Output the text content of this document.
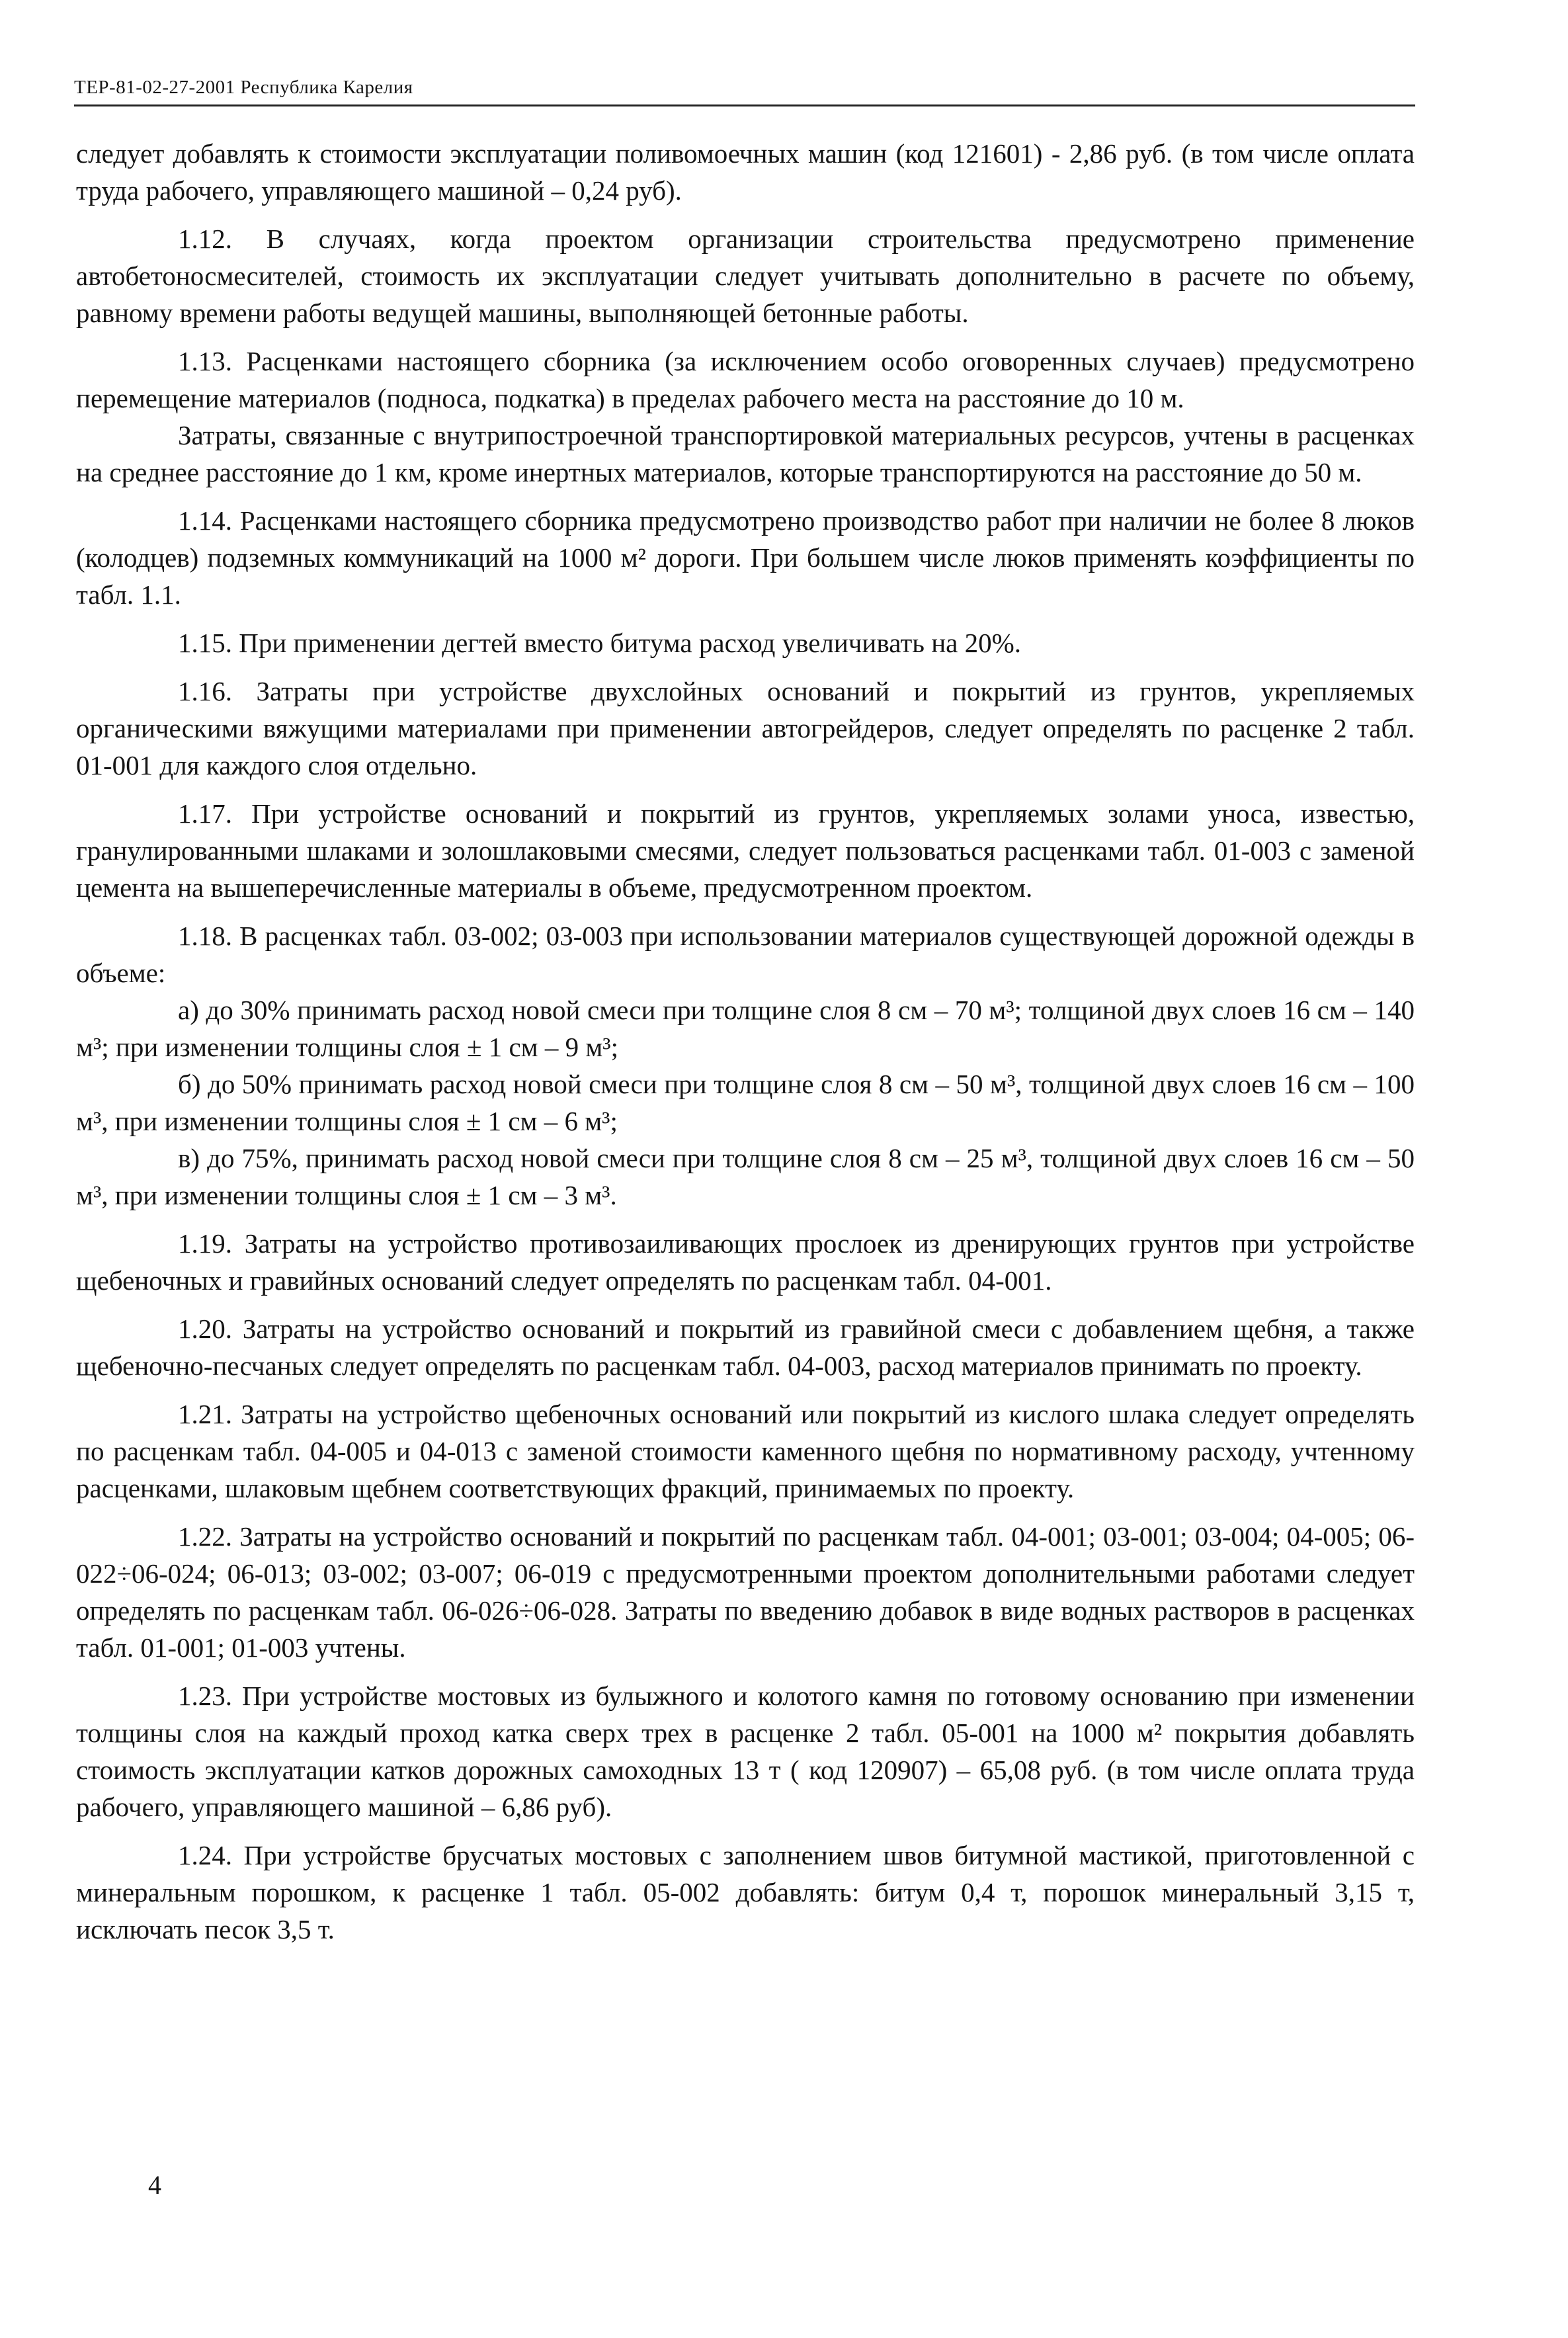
ТЕР-81-02-27-2001 Республика Карелия

следует добавлять к стоимости эксплуатации поливомоечных машин (код 121601) - 2,86 руб. (в том числе оплата труда рабочего, управляющего машиной – 0,24 руб).

1.12. В случаях, когда проектом организации строительства предусмотрено применение автобетоносмесителей, стоимость их эксплуатации следует учитывать дополнительно в расчете по объему, равному времени работы ведущей машины, выполняющей бетонные работы.

1.13. Расценками настоящего сборника (за исключением особо оговоренных случаев) предусмотрено перемещение материалов (подноса, подкатка) в пределах рабочего места на расстояние до 10 м.

Затраты, связанные с внутрипостроечной транспортировкой материальных ресурсов, учтены в расценках на среднее расстояние до 1 км, кроме инертных материалов, которые транспортируются на расстояние до 50 м.

1.14. Расценками настоящего сборника предусмотрено производство работ при наличии не более 8 люков (колодцев) подземных коммуникаций на 1000 м² дороги. При большем числе люков применять коэффициенты по табл. 1.1.

1.15. При применении дегтей вместо битума расход увеличивать на 20%.

1.16. Затраты при устройстве двухслойных оснований и покрытий из грунтов, укрепляемых органическими вяжущими материалами при применении автогрейдеров, следует определять по расценке 2 табл. 01-001 для каждого слоя отдельно.

1.17. При устройстве оснований и покрытий из грунтов, укрепляемых золами уноса, известью, гранулированными шлаками и золошлаковыми смесями, следует пользоваться расценками табл. 01-003 с заменой цемента на вышеперечисленные материалы в объеме, предусмотренном проектом.

1.18. В расценках табл. 03-002; 03-003 при использовании материалов существующей дорожной одежды в объеме:

а) до 30% принимать расход новой смеси при толщине слоя 8 см – 70 м³; толщиной двух слоев 16 см – 140 м³; при изменении толщины слоя ± 1 см – 9 м³;

б) до 50% принимать расход новой смеси при толщине слоя 8 см – 50 м³, толщиной двух слоев 16 см – 100 м³, при изменении толщины слоя ± 1 см – 6 м³;

в) до 75%, принимать расход новой смеси при толщине слоя 8 см – 25 м³, толщиной двух слоев 16 см – 50 м³, при изменении толщины слоя ± 1 см – 3 м³.

1.19. Затраты на устройство противозаиливающих прослоек из дренирующих грунтов при устройстве щебеночных и гравийных оснований следует определять по расценкам табл. 04-001.

1.20. Затраты на устройство оснований и покрытий из гравийной смеси с добавлением щебня, а также щебеночно-песчаных следует определять по расценкам табл. 04-003, расход материалов принимать по проекту.

1.21. Затраты на устройство щебеночных оснований или покрытий из кислого шлака следует определять по расценкам табл. 04-005 и 04-013 с заменой стоимости каменного щебня по нормативному расходу, учтенному расценками, шлаковым щебнем соответствующих фракций, принимаемых по проекту.

1.22. Затраты на устройство оснований и покрытий по расценкам табл. 04-001; 03-001; 03-004; 04-005; 06-022÷06-024; 06-013; 03-002; 03-007; 06-019 с предусмотренными проектом дополнительными работами следует определять по расценкам табл. 06-026÷06-028. Затраты по введению добавок в виде водных растворов в расценках табл. 01-001; 01-003 учтены.

1.23. При устройстве мостовых из булыжного и колотого камня по готовому основанию при изменении толщины слоя на каждый проход катка сверх трех в расценке 2 табл. 05-001 на 1000 м² покрытия добавлять стоимость эксплуатации катков дорожных самоходных 13 т ( код 120907) – 65,08 руб. (в том числе оплата труда рабочего, управляющего машиной – 6,86 руб).

1.24. При устройстве брусчатых мостовых с заполнением швов битумной мастикой, приготовленной с минеральным порошком, к расценке 1 табл. 05-002 добавлять: битум 0,4 т, порошок минеральный 3,15 т, исключать песок 3,5 т.

4
